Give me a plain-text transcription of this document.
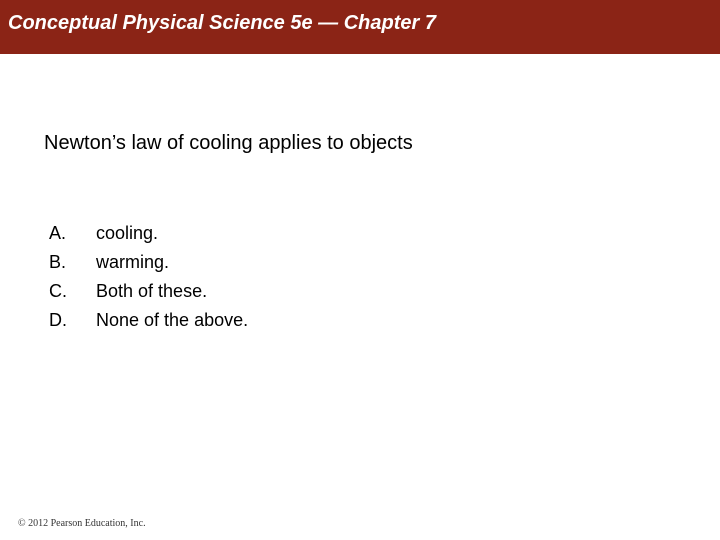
Conceptual Physical Science 5e — Chapter 7
Newton’s law of cooling applies to objects
A.	cooling.
B.	warming.
C.	Both of these.
D.	None of the above.
© 2012 Pearson Education, Inc.
